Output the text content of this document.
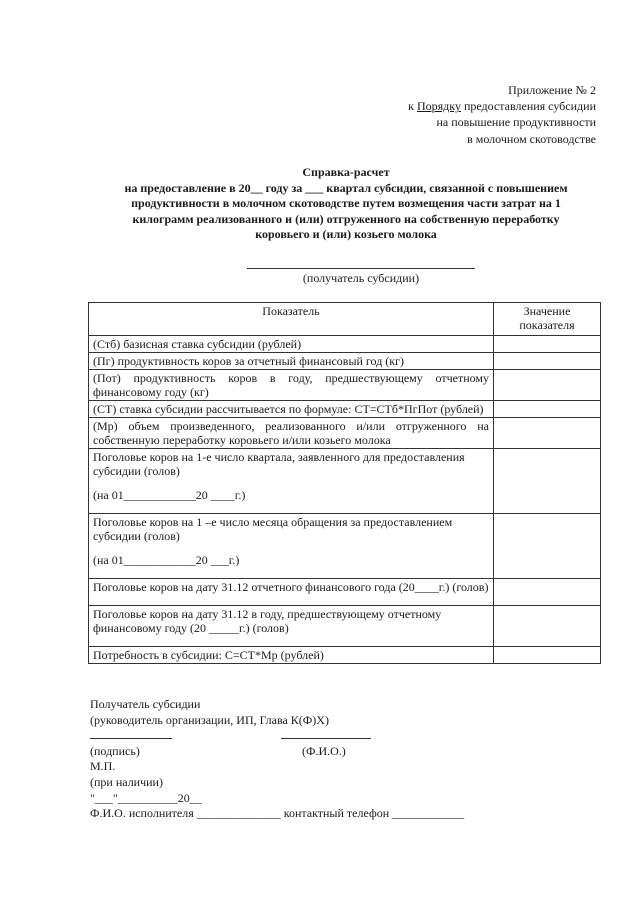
Приложение № 2
к Порядку предоставления субсидии
на повышение продуктивности
в молочном скотоводстве
Справка-расчет
на предоставление в 20__ году за ___ квартал субсидии, связанной с повышением
продуктивности в молочном скотоводстве путем возмещения части затрат на 1
килограмм реализованного и (или) отгруженного на собственную переработку
коровьего и (или) козьего молока
(получатель субсидии)
Показатель	Значение показателя
(Стб) базисная ставка субсидии (рублей)	
(Пг) продуктивность коров за отчетный финансовый год (кг)	
(Пот) продуктивность коров в году, предшествующему отчетному финансовому году (кг)	
(СТ) ставка субсидии рассчитывается по формуле: СТ=СТб*ПгПот (рублей)	
(Мр) объем произведенного, реализованного и/или отгруженного на собственную переработку коровьего и/или козьего молока	

Поголовье коров на 1-е число квартала, заявленного для предоставления субсидии (голов)
(на 01____________20 ____г.)	

Поголовье коров на 1 –е число месяца обращения за предоставлением субсидии (голов)
(на 01____________20 ___г.)	

Поголовье коров на дату 31.12 отчетного финансового года (20____г.) (голов)	

Поголовье коров на дату 31.12 в году, предшествующему отчетному финансовому году (20 _____г.) (голов)	

Потребность в субсидии: С=СТ*Мр (рублей)	
Получатель субсидии
(руководитель организации, ИП, Глава К(Ф)Х)

(подпись)	(Ф.И.О.)
М.П.
(при наличии)
"___"__________20__
Ф.И.О. исполнителя ______________ контактный телефон ____________
